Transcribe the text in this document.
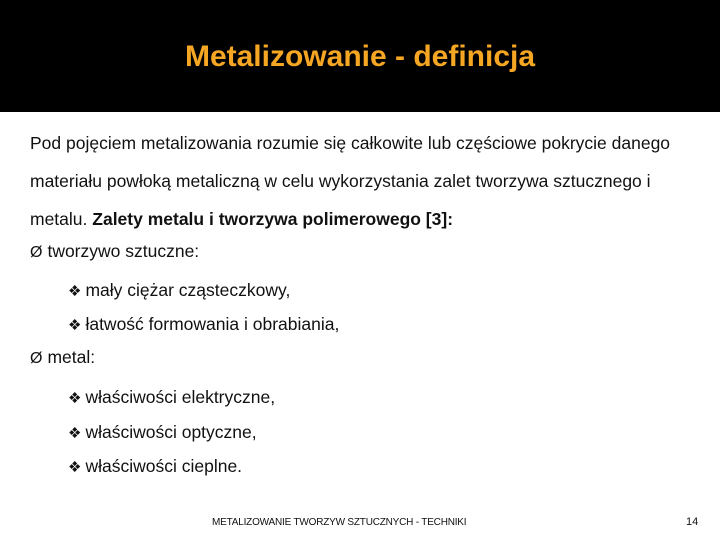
Metalizowanie - definicja

Pod pojęciem metalizowania rozumie się całkowite lub częściowe pokrycie danego materiału powłoką metaliczną w celu wykorzystania zalet tworzywa sztucznego i metalu. Zalety metalu i tworzywa polimerowego [3]:

Ø tworzywo sztuczne:
❖ mały ciężar cząsteczkowy,
❖ łatwość formowania i obrabiania,
Ø metal:
❖ właściwości elektryczne,
❖ właściwości optyczne,
❖ właściwości cieplne.
METALIZOWANIE TWORZYW SZTUCZNYCH - TECHNIKI	14
